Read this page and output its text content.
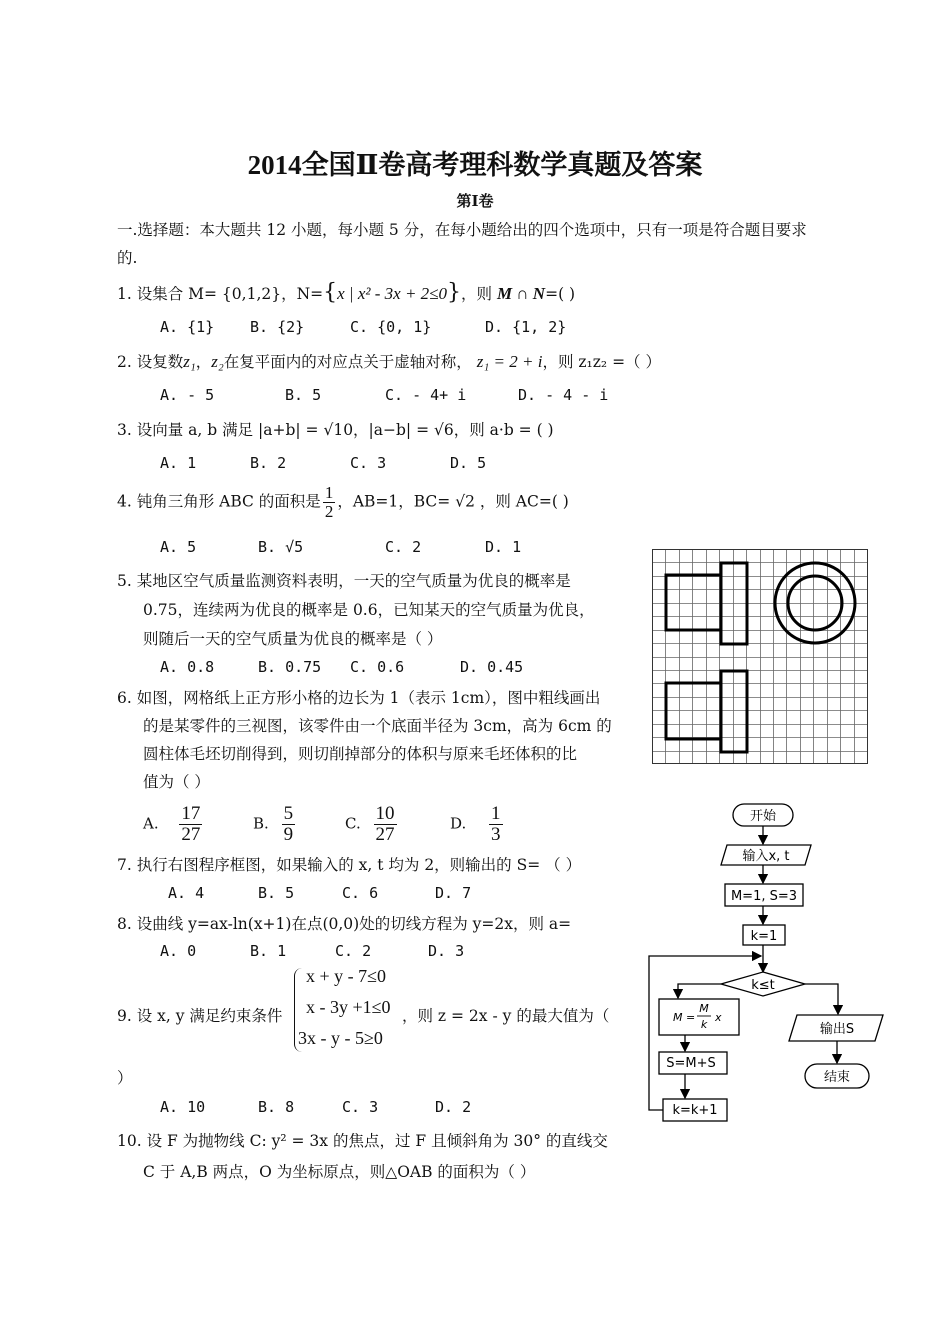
2014全国Ⅱ卷高考理科数学真题及答案
第Ⅰ卷
一.选择题：本大题共 12 小题，每小题 5 分，在每小题给出的四个选项中，只有一项是符合题目要求
的.
1. 设集合 M= {0,1,2}，N={x | x² - 3x + 2≤0}，则 M ∩ N=( )
A. {1} B. {2}	C. {0, 1}	D. {1, 2}
2. 设复数z₁，z₂在复平面内的对应点关于虚轴对称， z₁ = 2 + i，则 z₁z₂ =（ ）
A. - 5	B. 5	C. - 4+ i	D. - 4 - i
3. 设向量 a, b 满足 |a+b| = √10，|a−b| = √6，则 a·b = ( )
A. 1	B. 2	C. 3	D. 5
4. 钝角三角形 ABC 的面积是 $\frac{1}{2}$ ，AB=1，BC= √2 ，则 AC=( )
A. 5	B. √5	C. 2	D. 1
5. 某地区空气质量监测资料表明，一天的空气质量为优良的概率是
0.75，连续两为优良的概率是 0.6，已知某天的空气质量为优良，
则随后一天的空气质量为优良的概率是（ ）
A. 0.8	B. 0.75 C. 0.6	D. 0.45
6. 如图，网格纸上正方形小格的边长为 1（表示 1cm），图中粗线画出
的是某零件的三视图，该零件由一个底面半径为 3cm，高为 6cm 的
圆柱体毛坯切削得到，则切削掉部分的体积与原来毛坯体积的比
值为（ ）
A. $\frac{17}{27}$	B. $\frac{5}{9}$	C. $\frac{10}{27}$	D. $\frac{1}{3}$	开始
输入x, t
M=1, S=3
k=1
k≤t
S=M+S
k=k+1
输出S
结束
M =
M
k
x
7. 执行右图程序框图，如果输入的 x, t 均为 2，则输出的 S= （ ）
A. 4	B. 5	C. 6	D. 7
8. 设曲线 y=ax-ln(x+1)在点(0,0)处的切线方程为 y=2x，则 a=
A. 0	B. 1	C. 2	D. 3
9. 设 x, y 满足约束条件
x + y - 7≤0
x - 3y +1≤0
3x - y - 5≥0
，则 z = 2x - y 的最大值为（
）
A. 10	B. 8	C. 3	D. 2
10. 设 F 为抛物线 C: y² = 3x 的焦点，过 F 且倾斜角为 30° 的直线交
C 于 A,B 两点，O 为坐标原点，则△OAB 的面积为（ ）
